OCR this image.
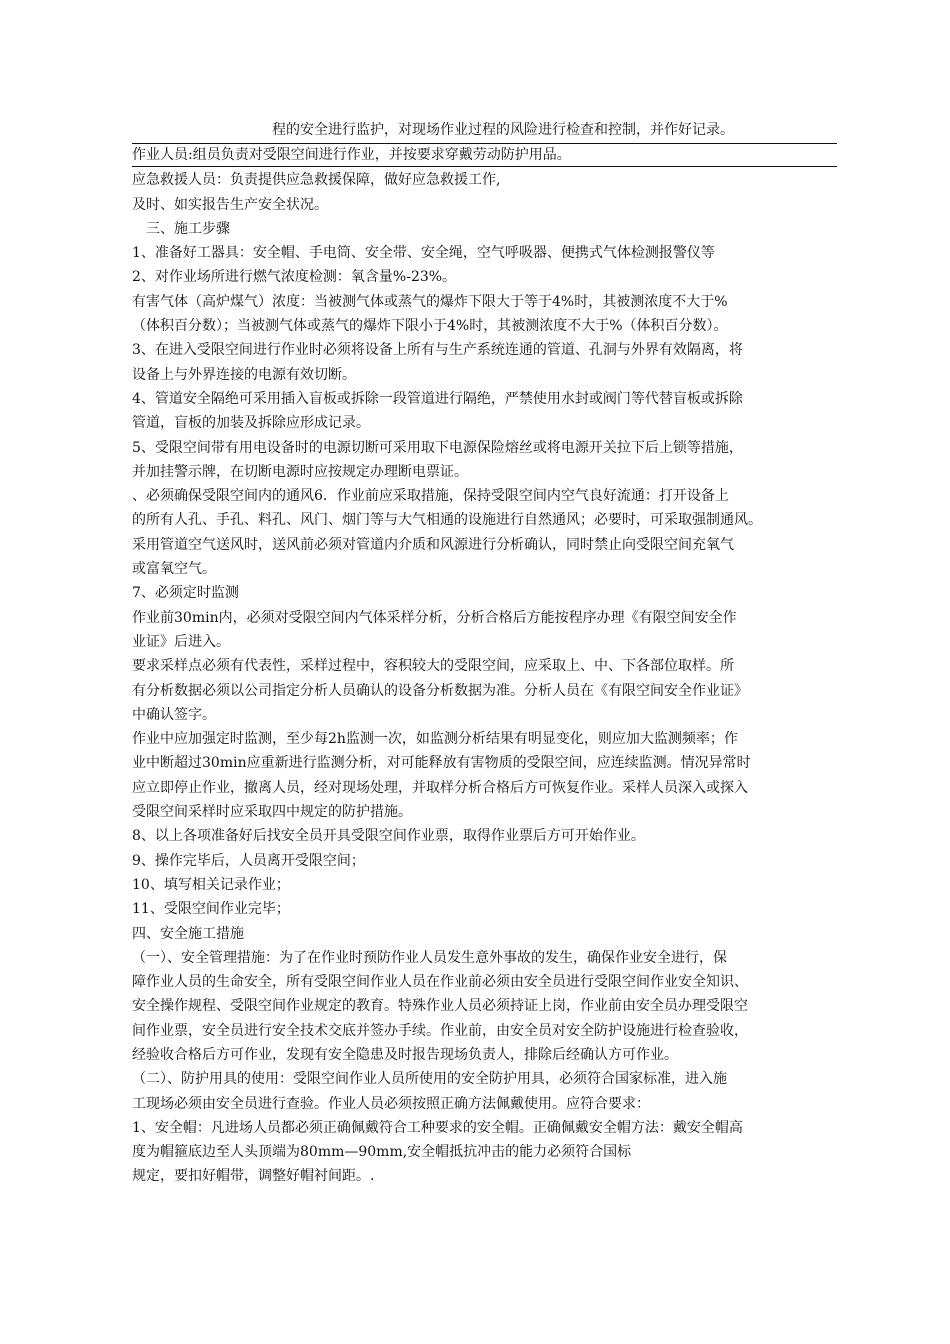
程的安全进行监护，对现场作业过程的风险进行检查和控制，并作好记录。
作业人员:组员负责对受限空间进行作业，并按要求穿戴劳动防护用品。
应急救援人员：负责提供应急救援保障，做好应急救援工作,
及时、如实报告生产安全状况。
三、施工步骤
1、准备好工器具：安全帽、手电筒、安全带、安全绳，空气呼吸器、便携式气体检测报警仪等
2、对作业场所进行燃气浓度检测：氧含量%-23%。
有害气体（高炉煤气）浓度：当被测气体或蒸气的爆炸下限大于等于4%时，其被测浓度不大于%
（体积百分数）；当被测气体或蒸气的爆炸下限小于4%时，其被测浓度不大于%（体积百分数）。
3、在进入受限空间进行作业时必须将设备上所有与生产系统连通的管道、孔洞与外界有效隔离，将
设备上与外界连接的电源有效切断。
4、管道安全隔绝可采用插入盲板或拆除一段管道进行隔绝，严禁使用水封或阀门等代替盲板或拆除
管道，盲板的加装及拆除应形成记录。
5、受限空间带有用电设备时的电源切断可采用取下电源保险熔丝或将电源开关拉下后上锁等措施，
并加挂警示牌，在切断电源时应按规定办理断电票证。
、必须确保受限空间内的通风6．作业前应采取措施，保持受限空间内空气良好流通：打开设备上
的所有人孔、手孔、料孔、风门、烟门等与大气相通的设施进行自然通风；必要时，可采取强制通风。
采用管道空气送风时，送风前必须对管道内介质和风源进行分析确认，同时禁止向受限空间充氧气
或富氧空气。
7、必须定时监测
作业前30min内，必须对受限空间内气体采样分析，分析合格后方能按程序办理《有限空间安全作
业证》后进入。
要求采样点必须有代表性，采样过程中，容积较大的受限空间，应采取上、中、下各部位取样。所
有分析数据必须以公司指定分析人员确认的设备分析数据为准。分析人员在《有限空间安全作业证》
中确认签字。
作业中应加强定时监测，至少每2h监测一次，如监测分析结果有明显变化，则应加大监测频率；作
业中断超过30min应重新进行监测分析，对可能释放有害物质的受限空间，应连续监测。情况异常时
应立即停止作业，撤离人员，经对现场处理，并取样分析合格后方可恢复作业。采样人员深入或探入
受限空间采样时应采取四中规定的防护措施。
8、以上各项准备好后找安全员开具受限空间作业票，取得作业票后方可开始作业。
9、操作完毕后，人员离开受限空间；
10、填写相关记录作业；
11、受限空间作业完毕；
四、安全施工措施
（一）、安全管理措施：为了在作业时预防作业人员发生意外事故的发生，确保作业安全进行，保
障作业人员的生命安全，所有受限空间作业人员在作业前必须由安全员进行受限空间作业安全知识、
安全操作规程、受限空间作业规定的教育。特殊作业人员必须持证上岗，作业前由安全员办理受限空
间作业票，安全员进行安全技术交底并签办手续。作业前，由安全员对安全防护设施进行检查验收，
经验收合格后方可作业，发现有安全隐患及时报告现场负责人，排除后经确认方可作业。
（二）、防护用具的使用：受限空间作业人员所使用的安全防护用具，必须符合国家标准，进入施
工现场必须由安全员进行查验。作业人员必须按照正确方法佩戴使用。应符合要求：
1、安全帽：凡进场人员都必须正确佩戴符合工种要求的安全帽。正确佩戴安全帽方法：戴安全帽高
度为帽箍底边至人头顶端为80mm—90mm,安全帽抵抗冲击的能力必须符合国标
规定，要扣好帽带，调整好帽衬间距。.
